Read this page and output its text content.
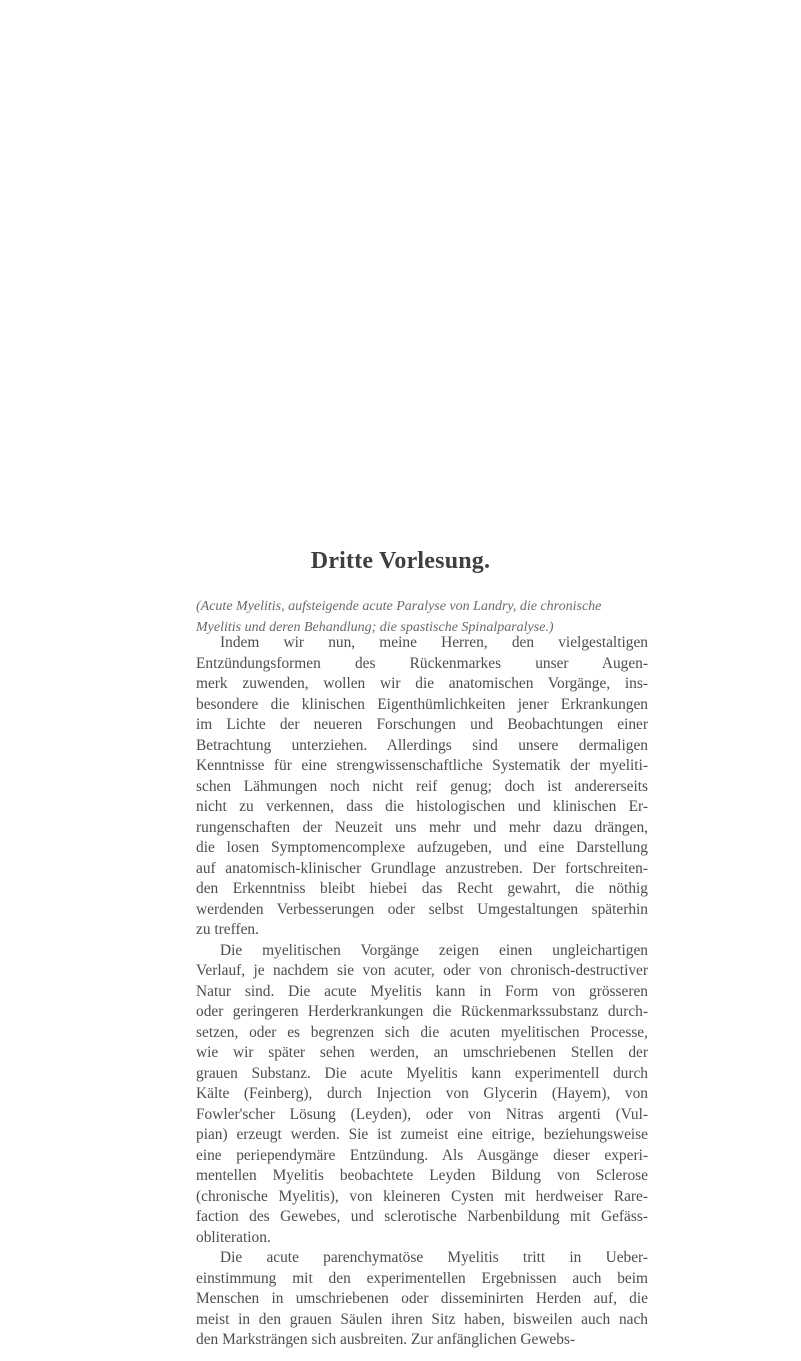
Dritte Vorlesung.
(Acute Myelitis, aufsteigende acute Paralyse von Landry, die chronische
Myelitis und deren Behandlung; die spastische Spinalparalyse.)
Indem wir nun, meine Herren, den vielgestaltigen
Entzündungsformen des Rückenmarkes unser Augen-
merk zuwenden, wollen wir die anatomischen Vorgänge, ins-
besondere die klinischen Eigenthümlichkeiten jener Erkrankungen
im Lichte der neueren Forschungen und Beobachtungen einer
Betrachtung unterziehen. Allerdings sind unsere dermaligen
Kenntnisse für eine strengwissenschaftliche Systematik der myeliti-
schen Lähmungen noch nicht reif genug; doch ist andererseits
nicht zu verkennen, dass die histologischen und klinischen Er-
rungenschaften der Neuzeit uns mehr und mehr dazu drängen,
die losen Symptomencomplexe aufzugeben, und eine Darstellung
auf anatomisch-klinischer Grundlage anzustreben. Der fortschreiten-
den Erkenntniss bleibt hiebei das Recht gewahrt, die nöthig
werdenden Verbesserungen oder selbst Umgestaltungen späterhin
zu treffen.
Die myelitischen Vorgänge zeigen einen ungleichartigen
Verlauf, je nachdem sie von acuter, oder von chronisch-destructiver
Natur sind. Die acute Myelitis kann in Form von grösseren
oder geringeren Herderkrankungen die Rückenmarkssubstanz durch-
setzen, oder es begrenzen sich die acuten myelitischen Processe,
wie wir später sehen werden, an umschriebenen Stellen der
grauen Substanz. Die acute Myelitis kann experimentell durch
Kälte (Feinberg), durch Injection von Glycerin (Hayem), von
Fowler'scher Lösung (Leyden), oder von Nitras argenti (Vul-
pian) erzeugt werden. Sie ist zumeist eine eitrige, beziehungsweise
eine periependymäre Entzündung. Als Ausgänge dieser experi-
mentellen Myelitis beobachtete Leyden Bildung von Sclerose
(chronische Myelitis), von kleineren Cysten mit herdweiser Rare-
faction des Gewebes, und sclerotische Narbenbildung mit Gefäss-
obliteration.
Die acute parenchymatöse Myelitis tritt in Ueber-
einstimmung mit den experimentellen Ergebnissen auch beim
Menschen in umschriebenen oder disseminirten Herden auf, die
meist in den grauen Säulen ihren Sitz haben, bisweilen auch nach
den Marksträngen sich ausbreiten. Zur anfänglichen Gewebs-
